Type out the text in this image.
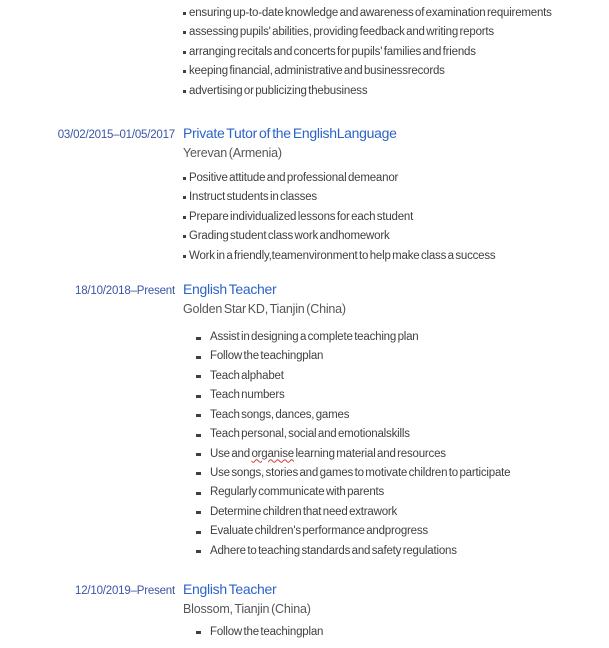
ensuring up-to-date knowledge and awareness of examination requirements
assessing pupils' abilities, providing feedback and writing reports
arranging recitals and concerts for pupils' families and friends
keeping financial, administrative and businessrecords
advertising or publicizing thebusiness
03/02/2015–01/05/2017 Private Tutor of the EnglishLanguage
Yerevan (Armenia)
Positive attitude and professional demeanor
Instruct students in classes
Prepare individualized lessons for each student
Grading student class work andhomework
Work in a friendly,teamenvironment to help make class a success
18/10/2018–Present English Teacher
Golden Star KD, Tianjin (China)
Assist in designing a complete teaching plan
Follow the teachingplan
Teach alphabet
Teach numbers
Teach songs, dances, games
Teach personal, social and emotionalskills
Use and organise learning material and resources
Use songs, stories and games to motivate children to participate
Regularly communicate with parents
Determine children that need extrawork
Evaluate children's performance andprogress
Adhere to teaching standards and safety regulations
12/10/2019–Present English Teacher
Blossom, Tianjin (China)
Follow the teachingplan
